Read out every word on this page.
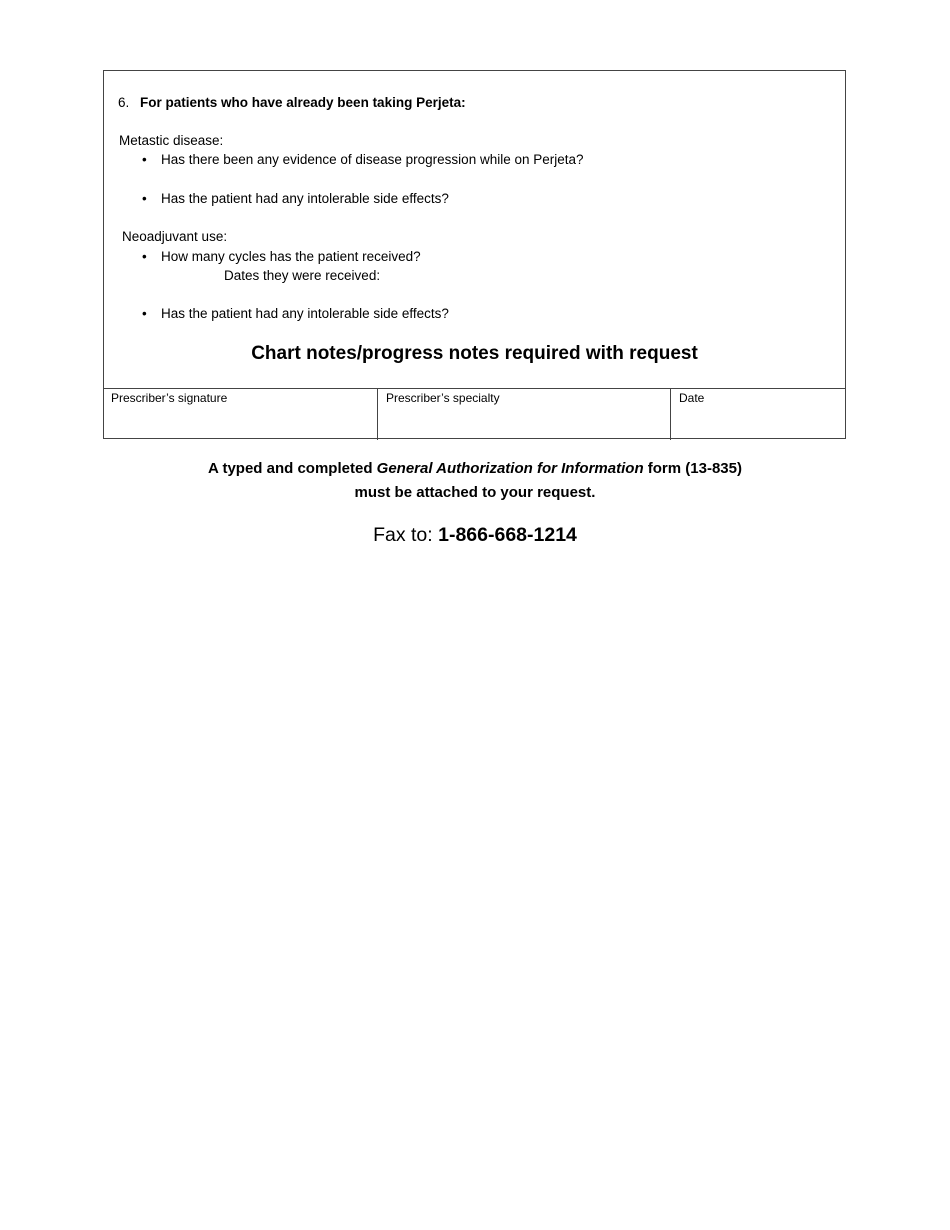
6. For patients who have already been taking Perjeta:
Metastic disease:
• Has there been any evidence of disease progression while on Perjeta?
• Has the patient had any intolerable side effects?
Neoadjuvant use:
• How many cycles has the patient received?
Dates they were received:
• Has the patient had any intolerable side effects?
Chart notes/progress notes required with request
Prescriber’s signature	Prescriber’s specialty	Date
A typed and completed General Authorization for Information form (13-835)
must be attached to your request.
Fax to: 1-866-668-1214
